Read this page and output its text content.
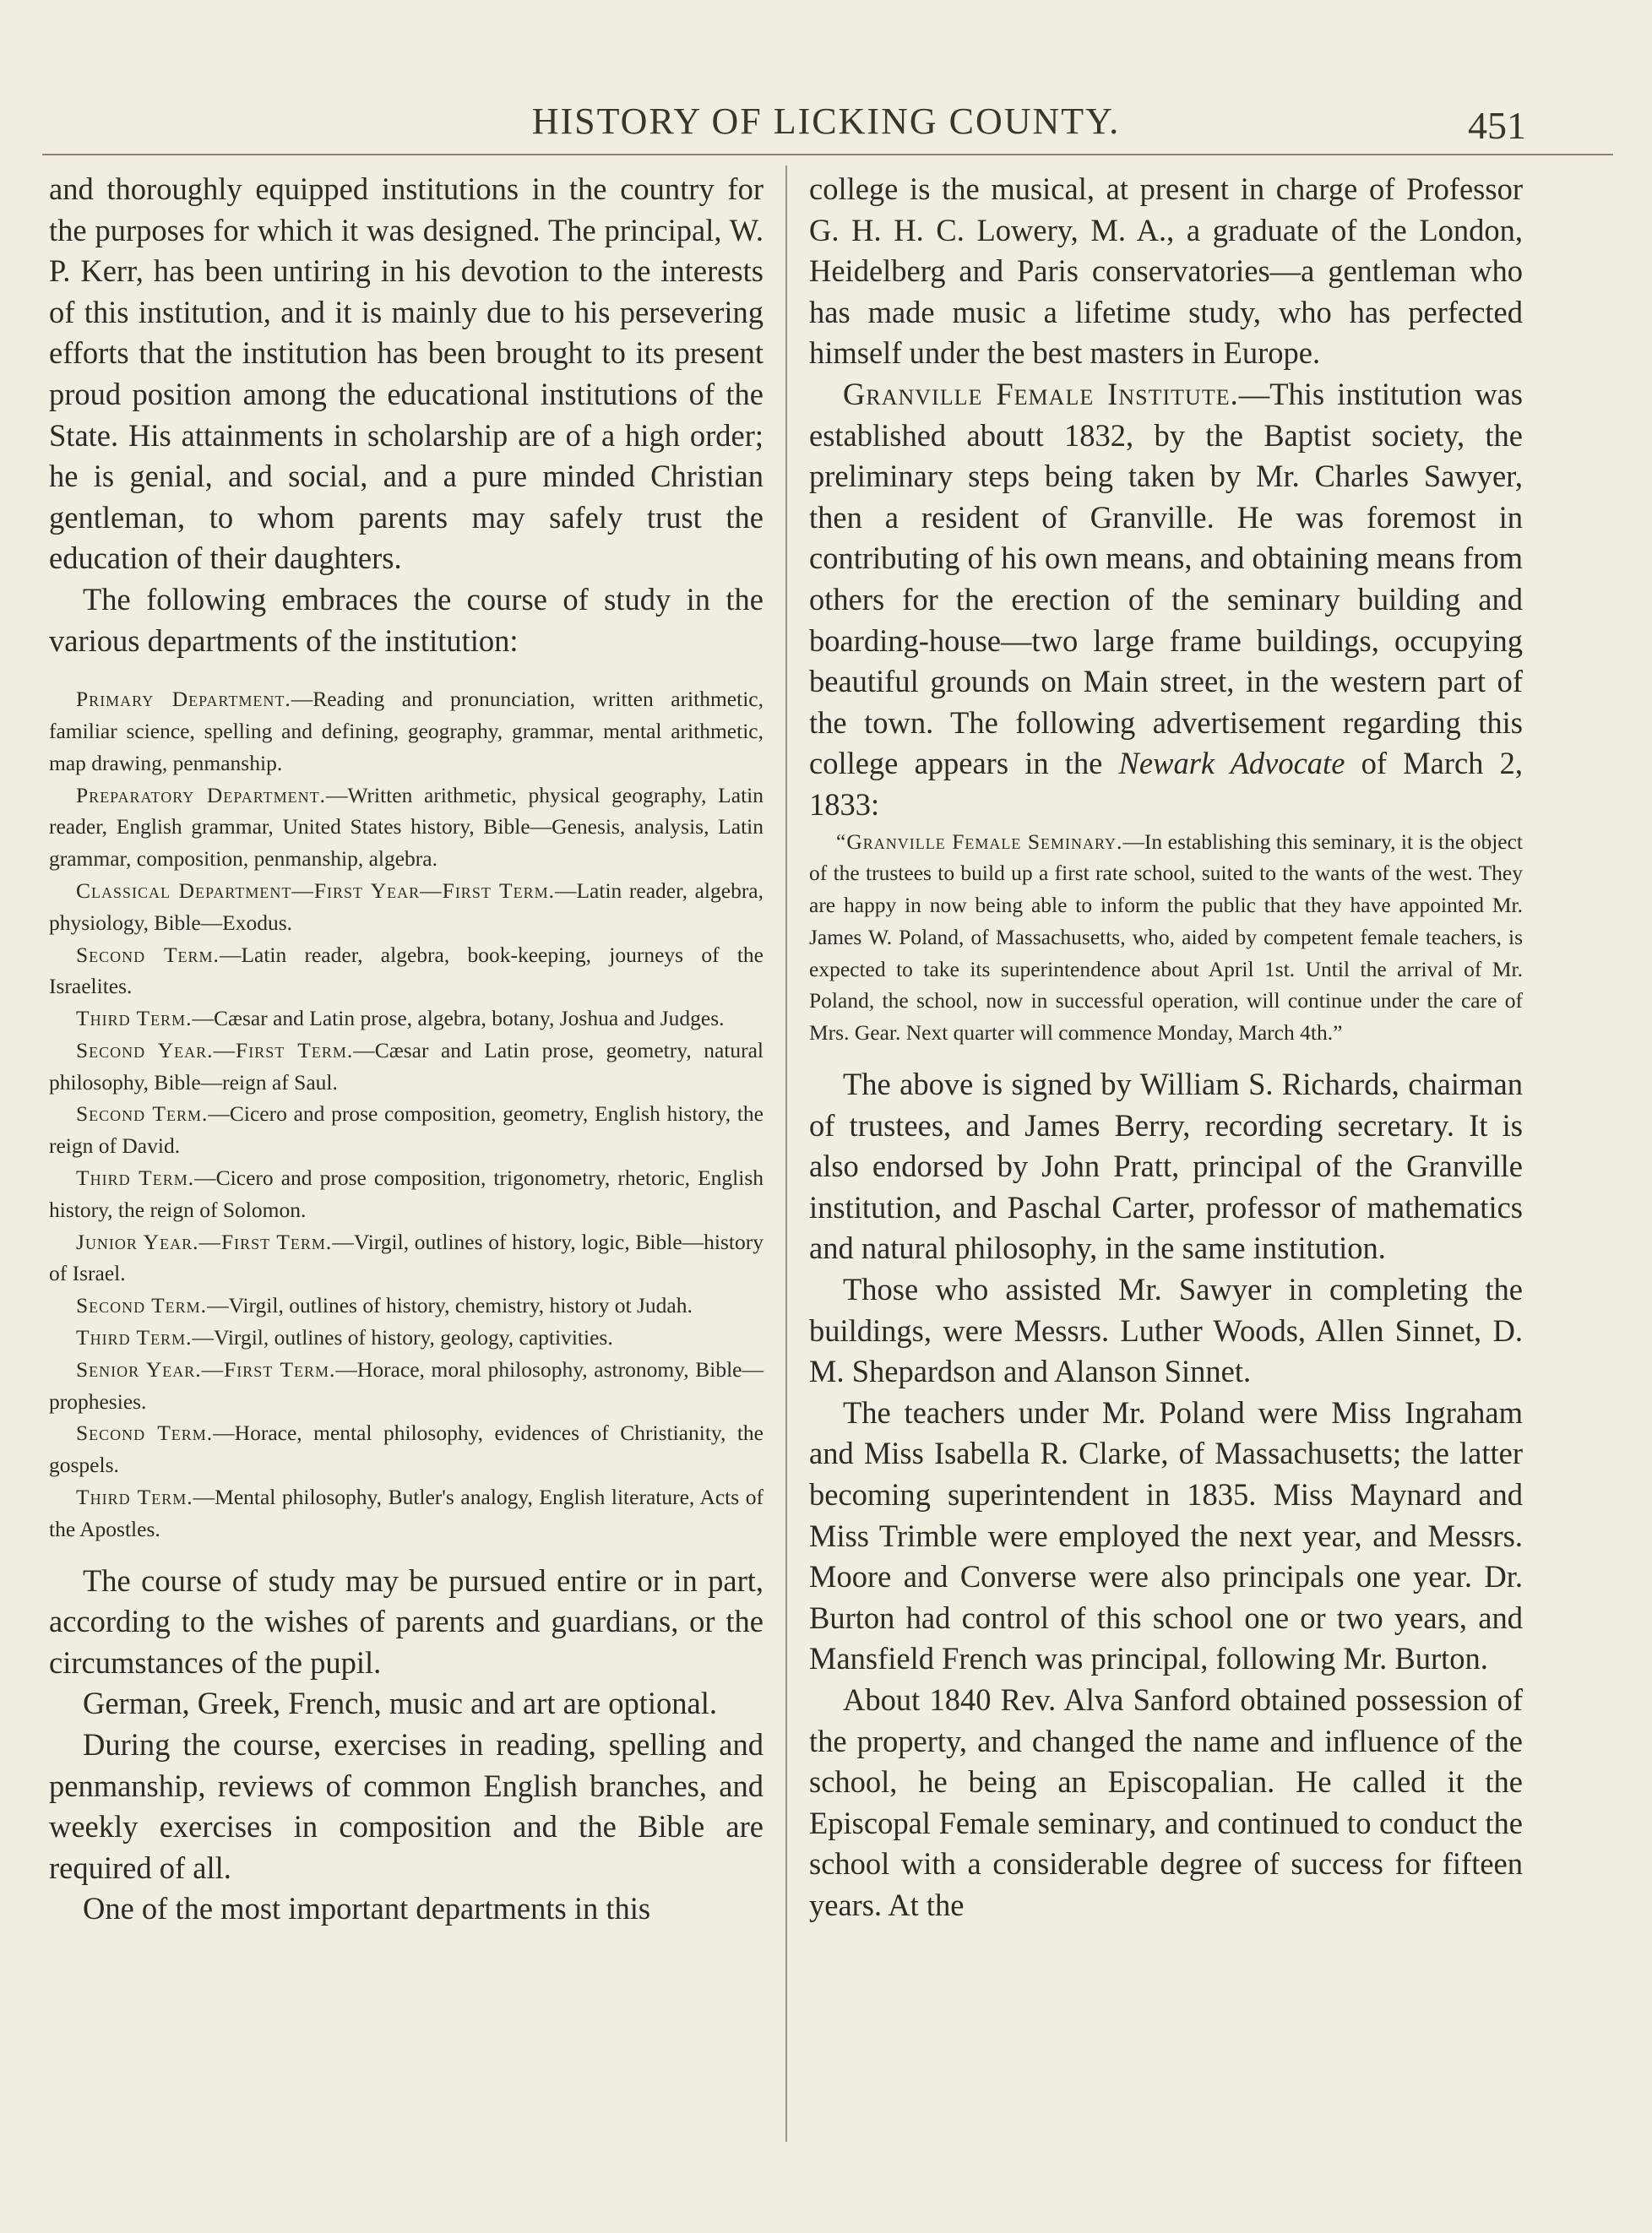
HISTORY OF LICKING COUNTY.	451

and thoroughly equipped institutions in the country for the purposes for which it was designed. The principal, W. P. Kerr, has been untiring in his devotion to the interests of this institution, and it is mainly due to his persevering efforts that the institution has been brought to its present proud position among the educational institutions of the State. His attainments in scholarship are of a high order; he is genial, and social, and a pure minded Christian gentleman, to whom parents may safely trust the education of their daughters.

The following embraces the course of study in the various departments of the institution:

Primary Department.—Reading and pronunciation, written arithmetic, familiar science, spelling and defining, geography, grammar, mental arithmetic, map drawing, penmanship.

Preparatory Department.—Written arithmetic, physical geography, Latin reader, English grammar, United States history, Bible—Genesis, analysis, Latin grammar, composition, penmanship, algebra.

Classical Department—First Year—First Term.—Latin reader, algebra, physiology, Bible—Exodus.

Second Term.—Latin reader, algebra, book-keeping, journeys of the Israelites.

Third Term.—Cæsar and Latin prose, algebra, botany, Joshua and Judges.

Second Year.—First Term.—Cæsar and Latin prose, geometry, natural philosophy, Bible—reign af Saul.

Second Term.—Cicero and prose composition, geometry, English history, the reign of David.

Third Term.—Cicero and prose composition, trigonometry, rhetoric, English history, the reign of Solomon.

Junior Year.—First Term.—Virgil, outlines of history, logic, Bible—history of Israel.

Second Term.—Virgil, outlines of history, chemistry, history ot Judah.

Third Term.—Virgil, outlines of history, geology, captivities.

Senior Year.—First Term.—Horace, moral philosophy, astronomy, Bible—prophesies.

Second Term.—Horace, mental philosophy, evidences of Christianity, the gospels.

Third Term.—Mental philosophy, Butler's analogy, English literature, Acts of the Apostles.

The course of study may be pursued entire or in part, according to the wishes of parents and guardians, or the circumstances of the pupil.

German, Greek, French, music and art are optional.

During the course, exercises in reading, spelling and penmanship, reviews of common English branches, and weekly exercises in composition and the Bible are required of all.

One of the most important departments in this

college is the musical, at present in charge of Professor G. H. H. C. Lowery, M. A., a graduate of the London, Heidelberg and Paris conservatories—a gentleman who has made music a lifetime study, who has perfected himself under the best masters in Europe.

Granville Female Institute.—This institution was established aboutt 1832, by the Baptist society, the preliminary steps being taken by Mr. Charles Sawyer, then a resident of Granville. He was foremost in contributing of his own means, and obtaining means from others for the erection of the seminary building and boarding-house—two large frame buildings, occupying beautiful grounds on Main street, in the western part of the town. The following advertisement regarding this college appears in the Newark Advocate of March 2, 1833:

“Granville Female Seminary.—In establishing this seminary, it is the object of the trustees to build up a first rate school, suited to the wants of the west. They are happy in now being able to inform the public that they have appointed Mr. James W. Poland, of Massachusetts, who, aided by competent female teachers, is expected to take its superintendence about April 1st. Until the arrival of Mr. Poland, the school, now in successful operation, will continue under the care of Mrs. Gear. Next quarter will commence Monday, March 4th.”

The above is signed by William S. Richards, chairman of trustees, and James Berry, recording secretary. It is also endorsed by John Pratt, principal of the Granville institution, and Paschal Carter, professor of mathematics and natural philosophy, in the same institution.

Those who assisted Mr. Sawyer in completing the buildings, were Messrs. Luther Woods, Allen Sinnet, D. M. Shepardson and Alanson Sinnet.

The teachers under Mr. Poland were Miss Ingraham and Miss Isabella R. Clarke, of Massachusetts; the latter becoming superintendent in 1835. Miss Maynard and Miss Trimble were employed the next year, and Messrs. Moore and Converse were also principals one year. Dr. Burton had control of this school one or two years, and Mansfield French was principal, following Mr. Burton.

About 1840 Rev. Alva Sanford obtained possession of the property, and changed the name and influence of the school, he being an Episcopalian. He called it the Episcopal Female seminary, and continued to conduct the school with a considerable degree of success for fifteen years. At the
